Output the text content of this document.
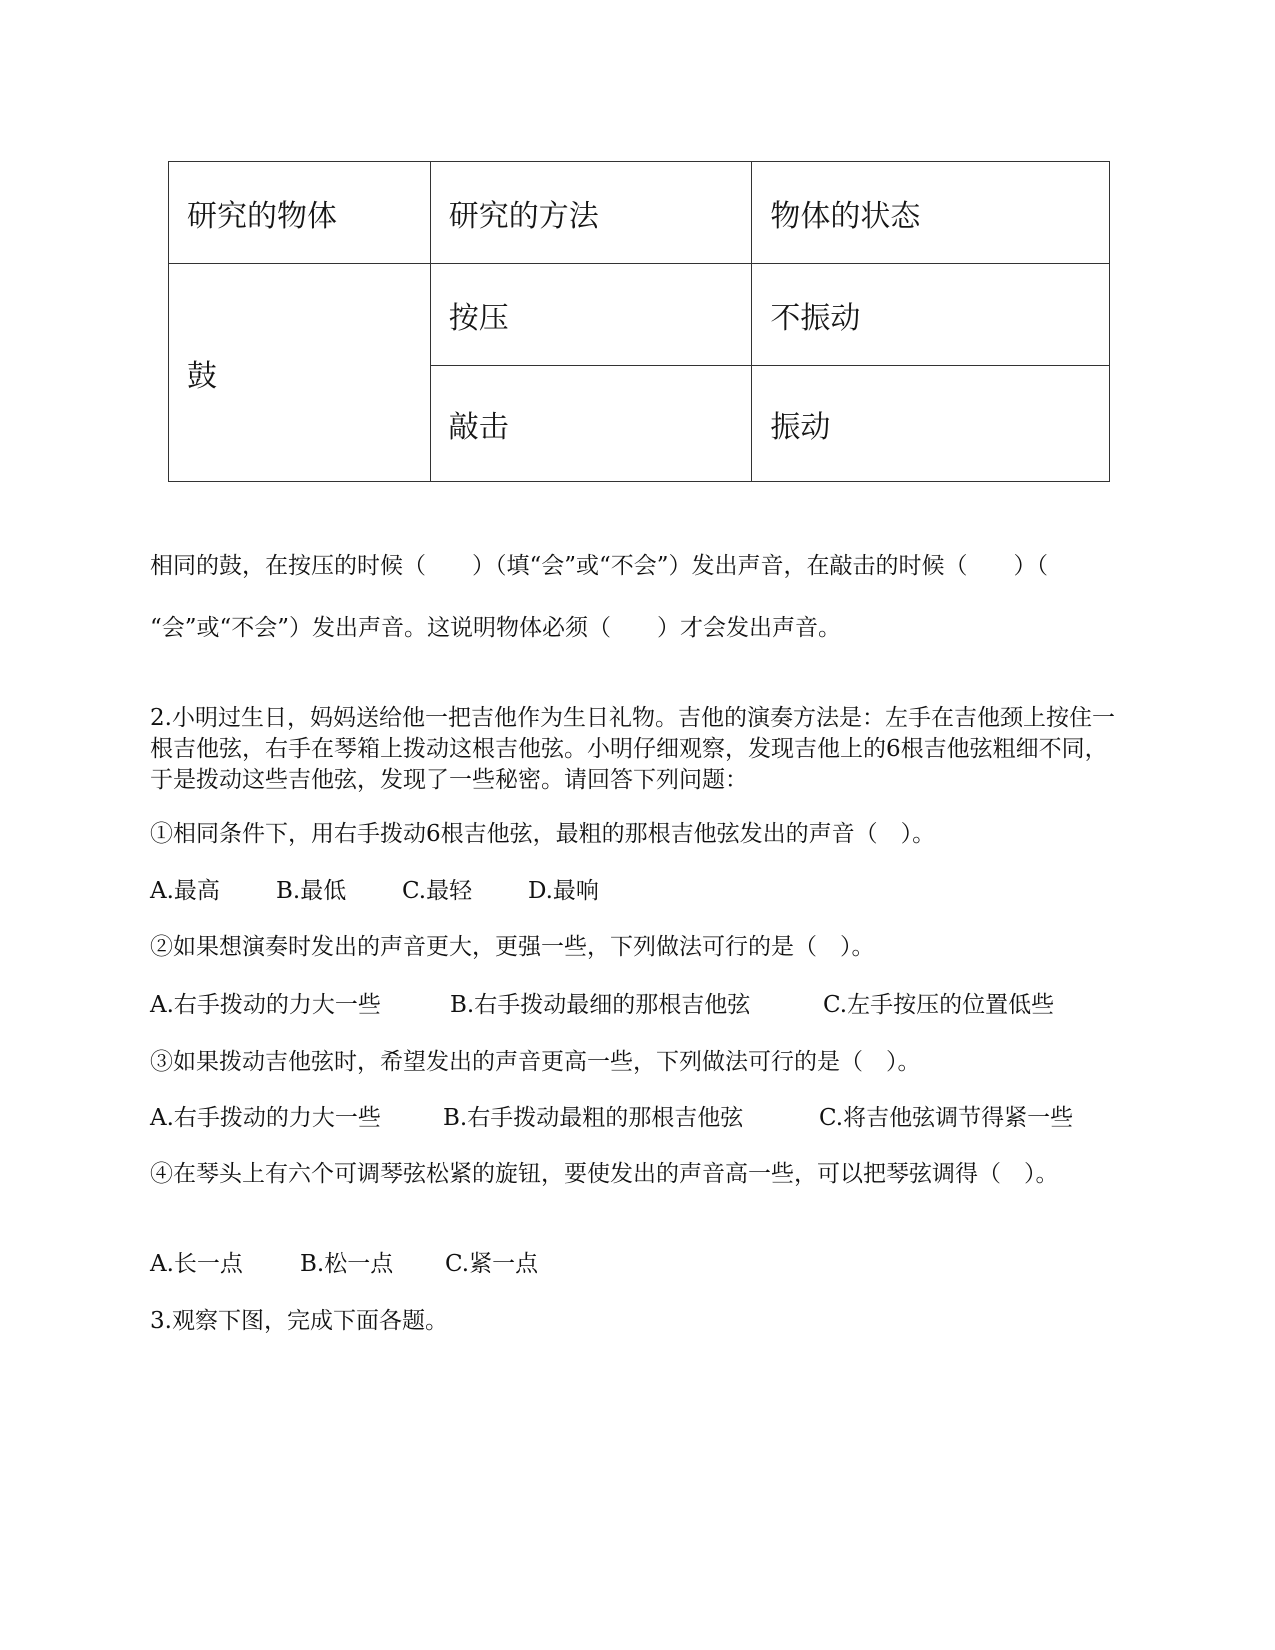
研究的物体	研究的方法	物体的状态
鼓	按压	不振动
	敲击	振动
相同的鼓，在按压的时候（　　）（填“会”或“不会”）发出声音，在敲击的时候（　　）（
“会”或“不会”）发出声音。这说明物体必须（　　）才会发出声音。
2.小明过生日，妈妈送给他一把吉他作为生日礼物。吉他的演奏方法是：左手在吉他颈上按住一根吉他弦，右手在琴箱上拨动这根吉他弦。小明仔细观察，发现吉他上的6根吉他弦粗细不同，于是拨动这些吉他弦，发现了一些秘密。请回答下列问题：
①相同条件下，用右手拨动6根吉他弦，最粗的那根吉他弦发出的声音（　）。
A.最高 B.最低 C.最轻 D.最响
②如果想演奏时发出的声音更大，更强一些，下列做法可行的是（　）。
A.右手拨动的力大一些	B.右手拨动最细的那根吉他弦	C.左手按压的位置低些
③如果拨动吉他弦时，希望发出的声音更高一些，下列做法可行的是（　）。
A.右手拨动的力大一些	B.右手拨动最粗的那根吉他弦	C.将吉他弦调节得紧一些
④在琴头上有六个可调琴弦松紧的旋钮，要使发出的声音高一些，可以把琴弦调得（　）。
A.长一点 B.松一点 C.紧一点
3.观察下图，完成下面各题。
